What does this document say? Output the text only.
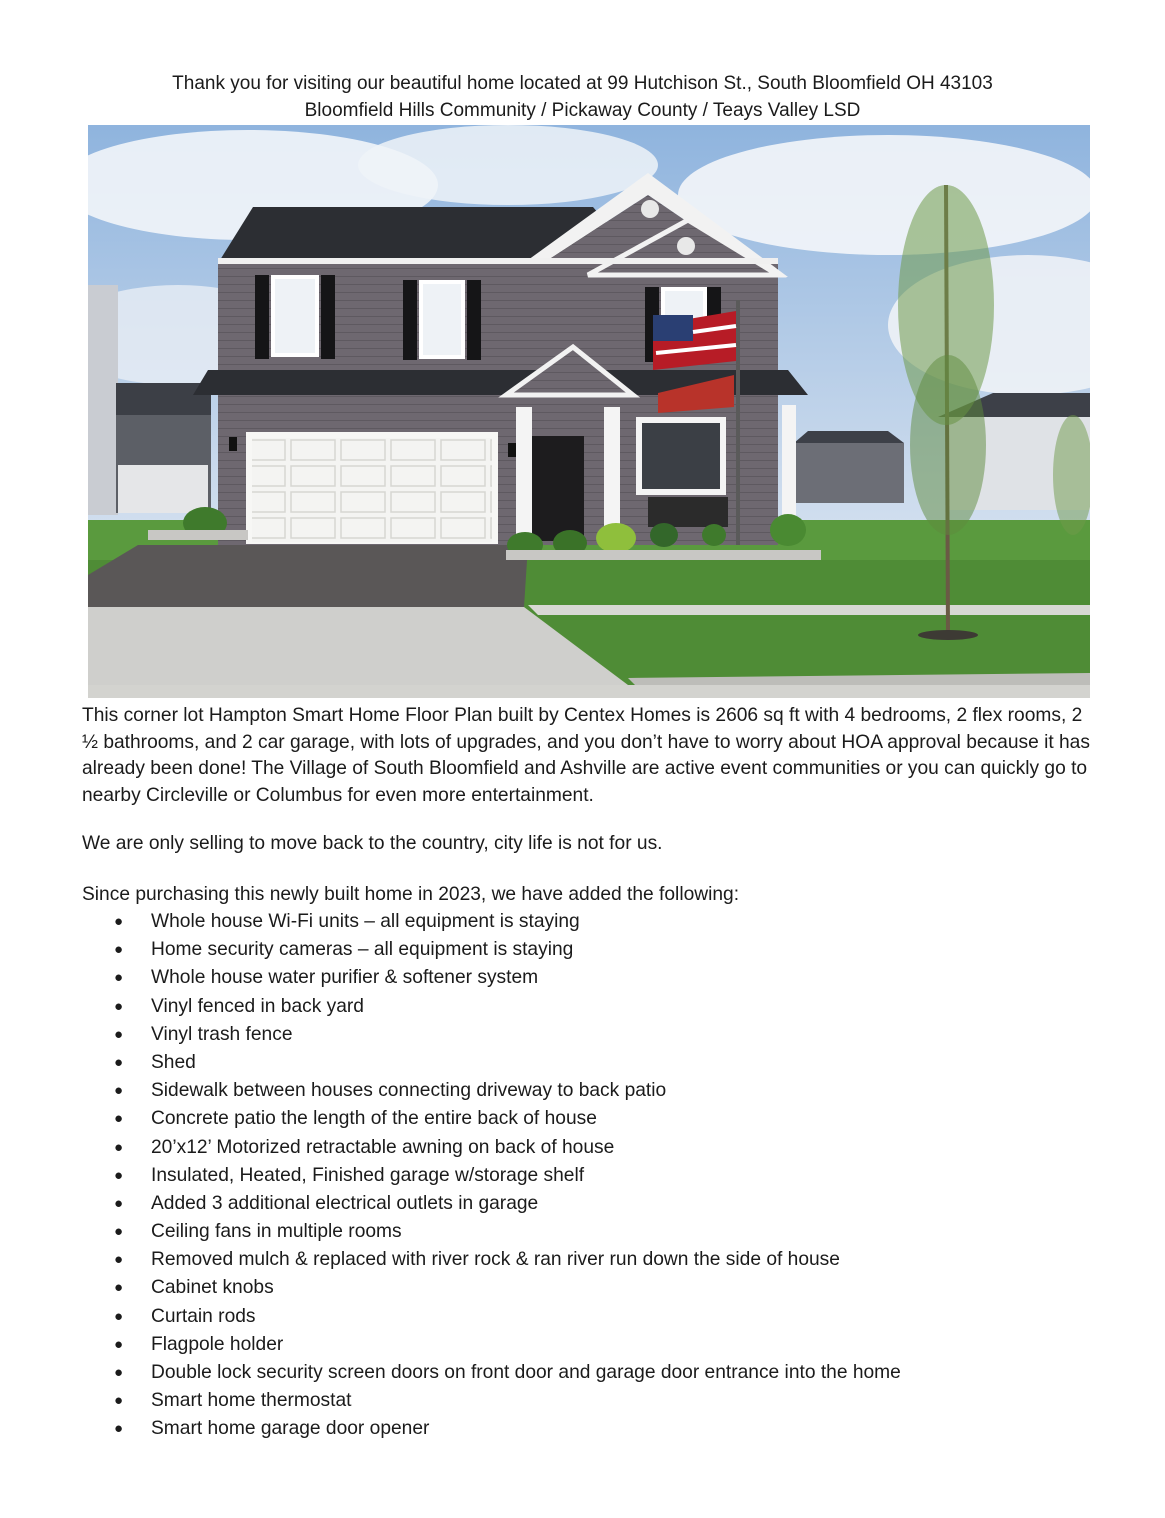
Thank you for visiting our beautiful home located at 99 Hutchison St., South Bloomfield OH 43103
Bloomfield Hills Community / Pickaway County / Teays Valley LSD

This corner lot Hampton Smart Home Floor Plan built by Centex Homes is 2606 sq ft with 4 bedrooms, 2 flex rooms, 2 ½ bathrooms, and 2 car garage, with lots of upgrades, and you don’t have to worry about HOA approval because it has already been done! The Village of South Bloomfield and Ashville are active event communities or you can quickly go to nearby Circleville or Columbus for even more entertainment.

We are only selling to move back to the country, city life is not for us.

Since purchasing this newly built home in 2023, we have added the following:

● Whole house Wi-Fi units – all equipment is staying
● Home security cameras – all equipment is staying
● Whole house water purifier & softener system
● Vinyl fenced in back yard
● Vinyl trash fence
● Shed
● Sidewalk between houses connecting driveway to back patio
● Concrete patio the length of the entire back of house
● 20’x12’ Motorized retractable awning on back of house
● Insulated, Heated, Finished garage w/storage shelf
● Added 3 additional electrical outlets in garage
● Ceiling fans in multiple rooms
● Removed mulch & replaced with river rock & ran river run down the side of house
● Cabinet knobs
● Curtain rods
● Flagpole holder
● Double lock security screen doors on front door and garage door entrance into the home
● Smart home thermostat
● Smart home garage door opener
